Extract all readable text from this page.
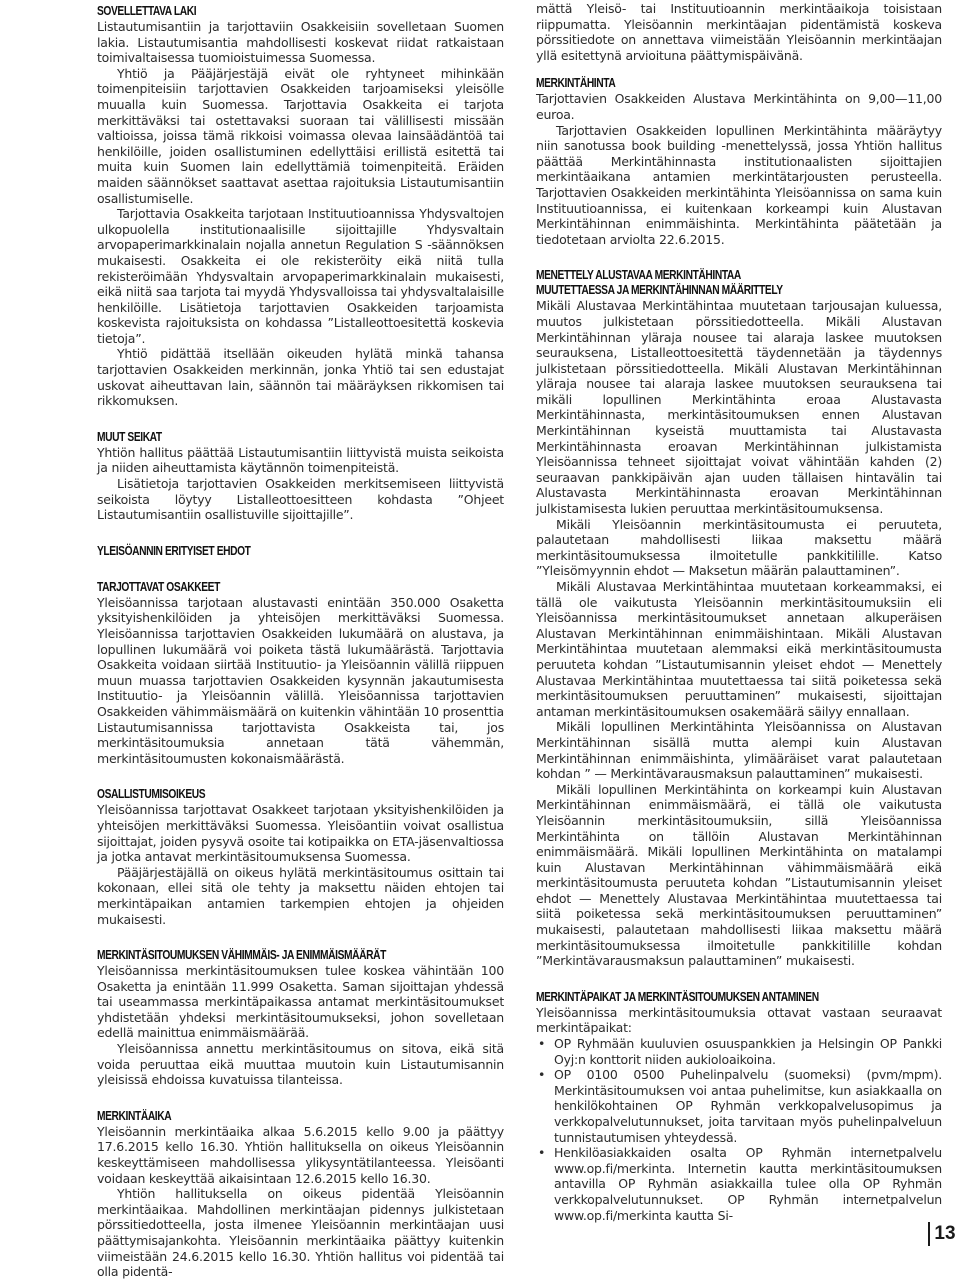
SOVELLETTAVA LAKI

Listautumisantiin ja tarjottaviin Osakkeisiin sovelletaan Suomen lakia. Listautumisantia mahdollisesti koskevat riidat ratkaistaan toimivaltaisessa tuomioistuimessa Suomessa.

Yhtiö ja Pääjärjestäjä eivät ole ryhtyneet mihinkään toimenpiteisiin tarjottavien Osakkeiden tarjoamiseksi yleisölle muualla kuin Suomessa. Tarjottavia Osakkeita ei tarjota merkittäväksi tai ostettavaksi suoraan tai välillisesti missään valtioissa, joissa tämä rikkoisi voimassa olevaa lainsäädäntöä tai henkilöille, joiden osallistuminen edellyttäisi erillistä esitettä tai muita kuin Suomen lain edellyttämiä toimenpiteitä. Eräiden maiden säännökset saattavat asettaa rajoituksia Listautumisantiin osallistumiselle.

Tarjottavia Osakkeita tarjotaan Instituutioannissa Yhdysvaltojen ulkopuolella institutionaalisille sijoittajille Yhdysvaltain arvopaperimarkkinalain nojalla annetun Regulation S -säännöksen mukaisesti. Osakkeita ei ole rekisteröity eikä niitä tulla rekisteröimään Yhdysvaltain arvopaperimarkkinalain mukaisesti, eikä niitä saa tarjota tai myydä Yhdysvalloissa tai yhdysvaltalaisille henkilöille. Lisätietoja tarjottavien Osakkeiden tarjoamista koskevista rajoituksista on kohdassa ”Listalleottoesitettä koskevia tietoja”.

Yhtiö pidättää itsellään oikeuden hylätä minkä tahansa tarjottavien Osakkeiden merkinnän, jonka Yhtiö tai sen edustajat uskovat aiheuttavan lain, säännön tai määräyksen rikkomisen tai rikkomuksen.

MUUT SEIKAT

Yhtiön hallitus päättää Listautumisantiin liittyvistä muista seikoista ja niiden aiheuttamista käytännön toimenpiteistä.

Lisätietoja tarjottavien Osakkeiden merkitsemiseen liittyvistä seikoista löytyy Listalleottoesitteen kohdasta ”Ohjeet Listautumisantiin osallistuville sijoittajille”.

YLEISÖANNIN ERITYISET EHDOT
TARJOTTAVAT OSAKKEET

Yleisöannissa tarjotaan alustavasti enintään 350.000 Osaketta yksityishenkilöiden ja yhteisöjen merkittäväksi Suomessa. Yleisöannissa tarjottavien Osakkeiden lukumäärä on alustava, ja lopullinen lukumäärä voi poiketa tästä lukumäärästä. Tarjottavia Osakkeita voidaan siirtää Instituutio- ja Yleisöannin välillä riippuen muun muassa tarjottavien Osakkeiden kysynnän jakautumisesta Instituutio- ja Yleisöannin välillä. Yleisöannissa tarjottavien Osakkeiden vähimmäismäärä on kuitenkin vähintään 10 prosenttia Listautumisannissa tarjottavista Osakkeista tai, jos merkintäsitoumuksia annetaan tätä vähemmän, merkintäsitoumusten kokonaismäärästä.

OSALLISTUMISOIKEUS

Yleisöannissa tarjottavat Osakkeet tarjotaan yksityishenkilöiden ja yhteisöjen merkittäväksi Suomessa. Yleisöantiin voivat osallistua sijoittajat, joiden pysyvä osoite tai kotipaikka on ETA-jäsenvaltiossa ja jotka antavat merkintäsitoumuksensa Suomessa.

Pääjärjestäjällä on oikeus hylätä merkintäsitoumus osittain tai kokonaan, ellei sitä ole tehty ja maksettu näiden ehtojen tai merkintäpaikan antamien tarkempien ehtojen ja ohjeiden mukaisesti.

MERKINTÄSITOUMUKSEN VÄHIMMÄIS- JA ENIMMÄISMÄÄRÄT

Yleisöannissa merkintäsitoumuksen tulee koskea vähintään 100 Osaketta ja enintään 11.999 Osaketta. Saman sijoittajan yhdessä tai useammassa merkintäpaikassa antamat merkintäsitoumukset yhdistetään yhdeksi merkintäsitoumukseksi, johon sovelletaan edellä mainittua enimmäismäärää.

Yleisöannissa annettu merkintäsitoumus on sitova, eikä sitä voida peruuttaa eikä muuttaa muutoin kuin Listautumisannin yleisissä ehdoissa kuvatuissa tilanteissa.

MERKINTÄAIKA

Yleisöannin merkintäaika alkaa 5.6.2015 kello 9.00 ja päättyy 17.6.2015 kello 16.30. Yhtiön hallituksella on oikeus Yleisöannin keskeyttämiseen mahdollisessa ylikysyntätilanteessa. Yleisöanti voidaan keskeyttää aikaisintaan 12.6.2015 kello 16.30.

Yhtiön hallituksella on oikeus pidentää Yleisöannin merkintäaikaa. Mahdollinen merkintäajan pidennys julkistetaan pörssitiedotteella, josta ilmenee Yleisöannin merkintäajan uusi päättymisajankohta. Yleisöannin merkintäaika päättyy kuitenkin viimeistään 24.6.2015 kello 16.30. Yhtiön hallitus voi pidentää tai olla pidentä-

mättä Yleisö- tai Instituutioannin merkintäaikoja toisistaan riippumatta. Yleisöannin merkintäajan pidentämistä koskeva pörssitiedote on annettava viimeistään Yleisöannin merkintäajan yllä esitettynä arvioituna päättymispäivänä.

MERKINTÄHINTA

Tarjottavien Osakkeiden Alustava Merkintähinta on 9,00—11,00 euroa.

Tarjottavien Osakkeiden lopullinen Merkintähinta määräytyy niin sanotussa book building -menettelyssä, jossa Yhtiön hallitus päättää Merkintähinnasta institutionaalisten sijoittajien merkintäaikana antamien merkintätarjousten perusteella. Tarjottavien Osakkeiden merkintähinta Yleisöannissa on sama kuin Instituutioannissa, ei kuitenkaan korkeampi kuin Alustavan Merkintähinnan enimmäishinta. Merkintähinta päätetään ja tiedotetaan arviolta 22.6.2015.

MENETTELY ALUSTAVAA MERKINTÄHINTAA MUUTETTAESSA JA MERKINTÄHINNAN MÄÄRITTELY

Mikäli Alustavaa Merkintähintaa muutetaan tarjousajan kuluessa, muutos julkistetaan pörssitiedotteella. Mikäli Alustavan Merkintähinnan yläraja nousee tai alaraja laskee muutoksen seurauksena, Listalleottoesitettä täydennetään ja täydennys julkistetaan pörssitiedotteella. Mikäli Alustavan Merkintähinnan yläraja nousee tai alaraja laskee muutoksen seurauksena tai mikäli lopullinen Merkintähinta eroaa Alustavasta Merkintähinnasta, merkintäsitoumuksen ennen Alustavan Merkintähinnan kyseistä muuttamista tai Alustavasta Merkintähinnasta eroavan Merkintähinnan julkistamista Yleisöannissa tehneet sijoittajat voivat vähintään kahden (2) seuraavan pankkipäivän ajan uuden tällaisen hintavälin tai Alustavasta Merkintähinnasta eroavan Merkintähinnan julkistamisesta lukien peruuttaa merkintäsitoumuksensa.

Mikäli Yleisöannin merkintäsitoumusta ei peruuteta, palautetaan mahdollisesti liikaa maksettu määrä merkintäsitoumuksessa ilmoitetulle pankkitilille. Katso ”Yleisömyynnin ehdot — Maksetun määrän palauttaminen”.

Mikäli Alustavaa Merkintähintaa muutetaan korkeammaksi, ei tällä ole vaikutusta Yleisöannin merkintäsitoumuksiin eli Yleisöannissa merkintäsitoumukset annetaan alkuperäisen Alustavan Merkintähinnan enimmäishintaan. Mikäli Alustavan Merkintähintaa muutetaan alemmaksi eikä merkintäsitoumusta peruuteta kohdan ”Listautumisannin yleiset ehdot — Menettely Alustavaa Merkintähintaa muutettaessa tai siitä poiketessa sekä merkintäsitoumuksen peruuttaminen” mukaisesti, sijoittajan antaman merkintäsitoumuksen osakemäärä säilyy ennallaan.

Mikäli lopullinen Merkintähinta Yleisöannissa on Alustavan Merkintähinnan sisällä mutta alempi kuin Alustavan Merkintähinnan enimmäishinta, ylimääräiset varat palautetaan kohdan ” — Merkintävarausmaksun palauttaminen” mukaisesti.

Mikäli lopullinen Merkintähinta on korkeampi kuin Alustavan Merkintähinnan enimmäismäärä, ei tällä ole vaikutusta Yleisöannin merkintäsitoumuksiin, sillä Yleisöannissa Merkintähinta on tällöin Alustavan Merkintähinnan enimmäismäärä. Mikäli lopullinen Merkintähinta on matalampi kuin Alustavan Merkintähinnan vähimmäismäärä eikä merkintäsitoumusta peruuteta kohdan ”Listautumisannin yleiset ehdot — Menettely Alustavaa Merkintähintaa muutettaessa tai siitä poiketessa sekä merkintäsitoumuksen peruuttaminen” mukaisesti, palautetaan mahdollisesti liikaa maksettu määrä merkintäsitoumuksessa ilmoitetulle pankkitilille kohdan ”Merkintävarausmaksun palauttaminen” mukaisesti.

MERKINTÄPAIKAT JA MERKINTÄSITOUMUKSEN ANTAMINEN

Yleisöannissa merkintäsitoumuksia ottavat vastaan seuraavat merkintäpaikat:

• OP Ryhmään kuuluvien osuuspankkien ja Helsingin OP Pankki Oyj:n konttorit niiden aukioloaikoina.
• OP 0100 0500 Puhelinpalvelu (suomeksi) (pvm/mpm). Merkintäsitoumuksen voi antaa puhelimitse, kun asiakkaalla on henkilökohtainen OP Ryhmän verkkopalvelusopimus ja verkkopalvelutunnukset, joita tarvitaan myös puhelinpalveluun tunnistautumisen yhteydessä.
• Henkilöasiakkaiden osalta OP Ryhmän internetpalvelu www.op.fi/merkinta. Internetin kautta merkintäsitoumuksen antavilla OP Ryhmän asiakkailla tulee olla OP Ryhmän verkkopalvelutunnukset. OP Ryhmän internetpalvelun www.op.fi/merkinta kautta Si-
13
